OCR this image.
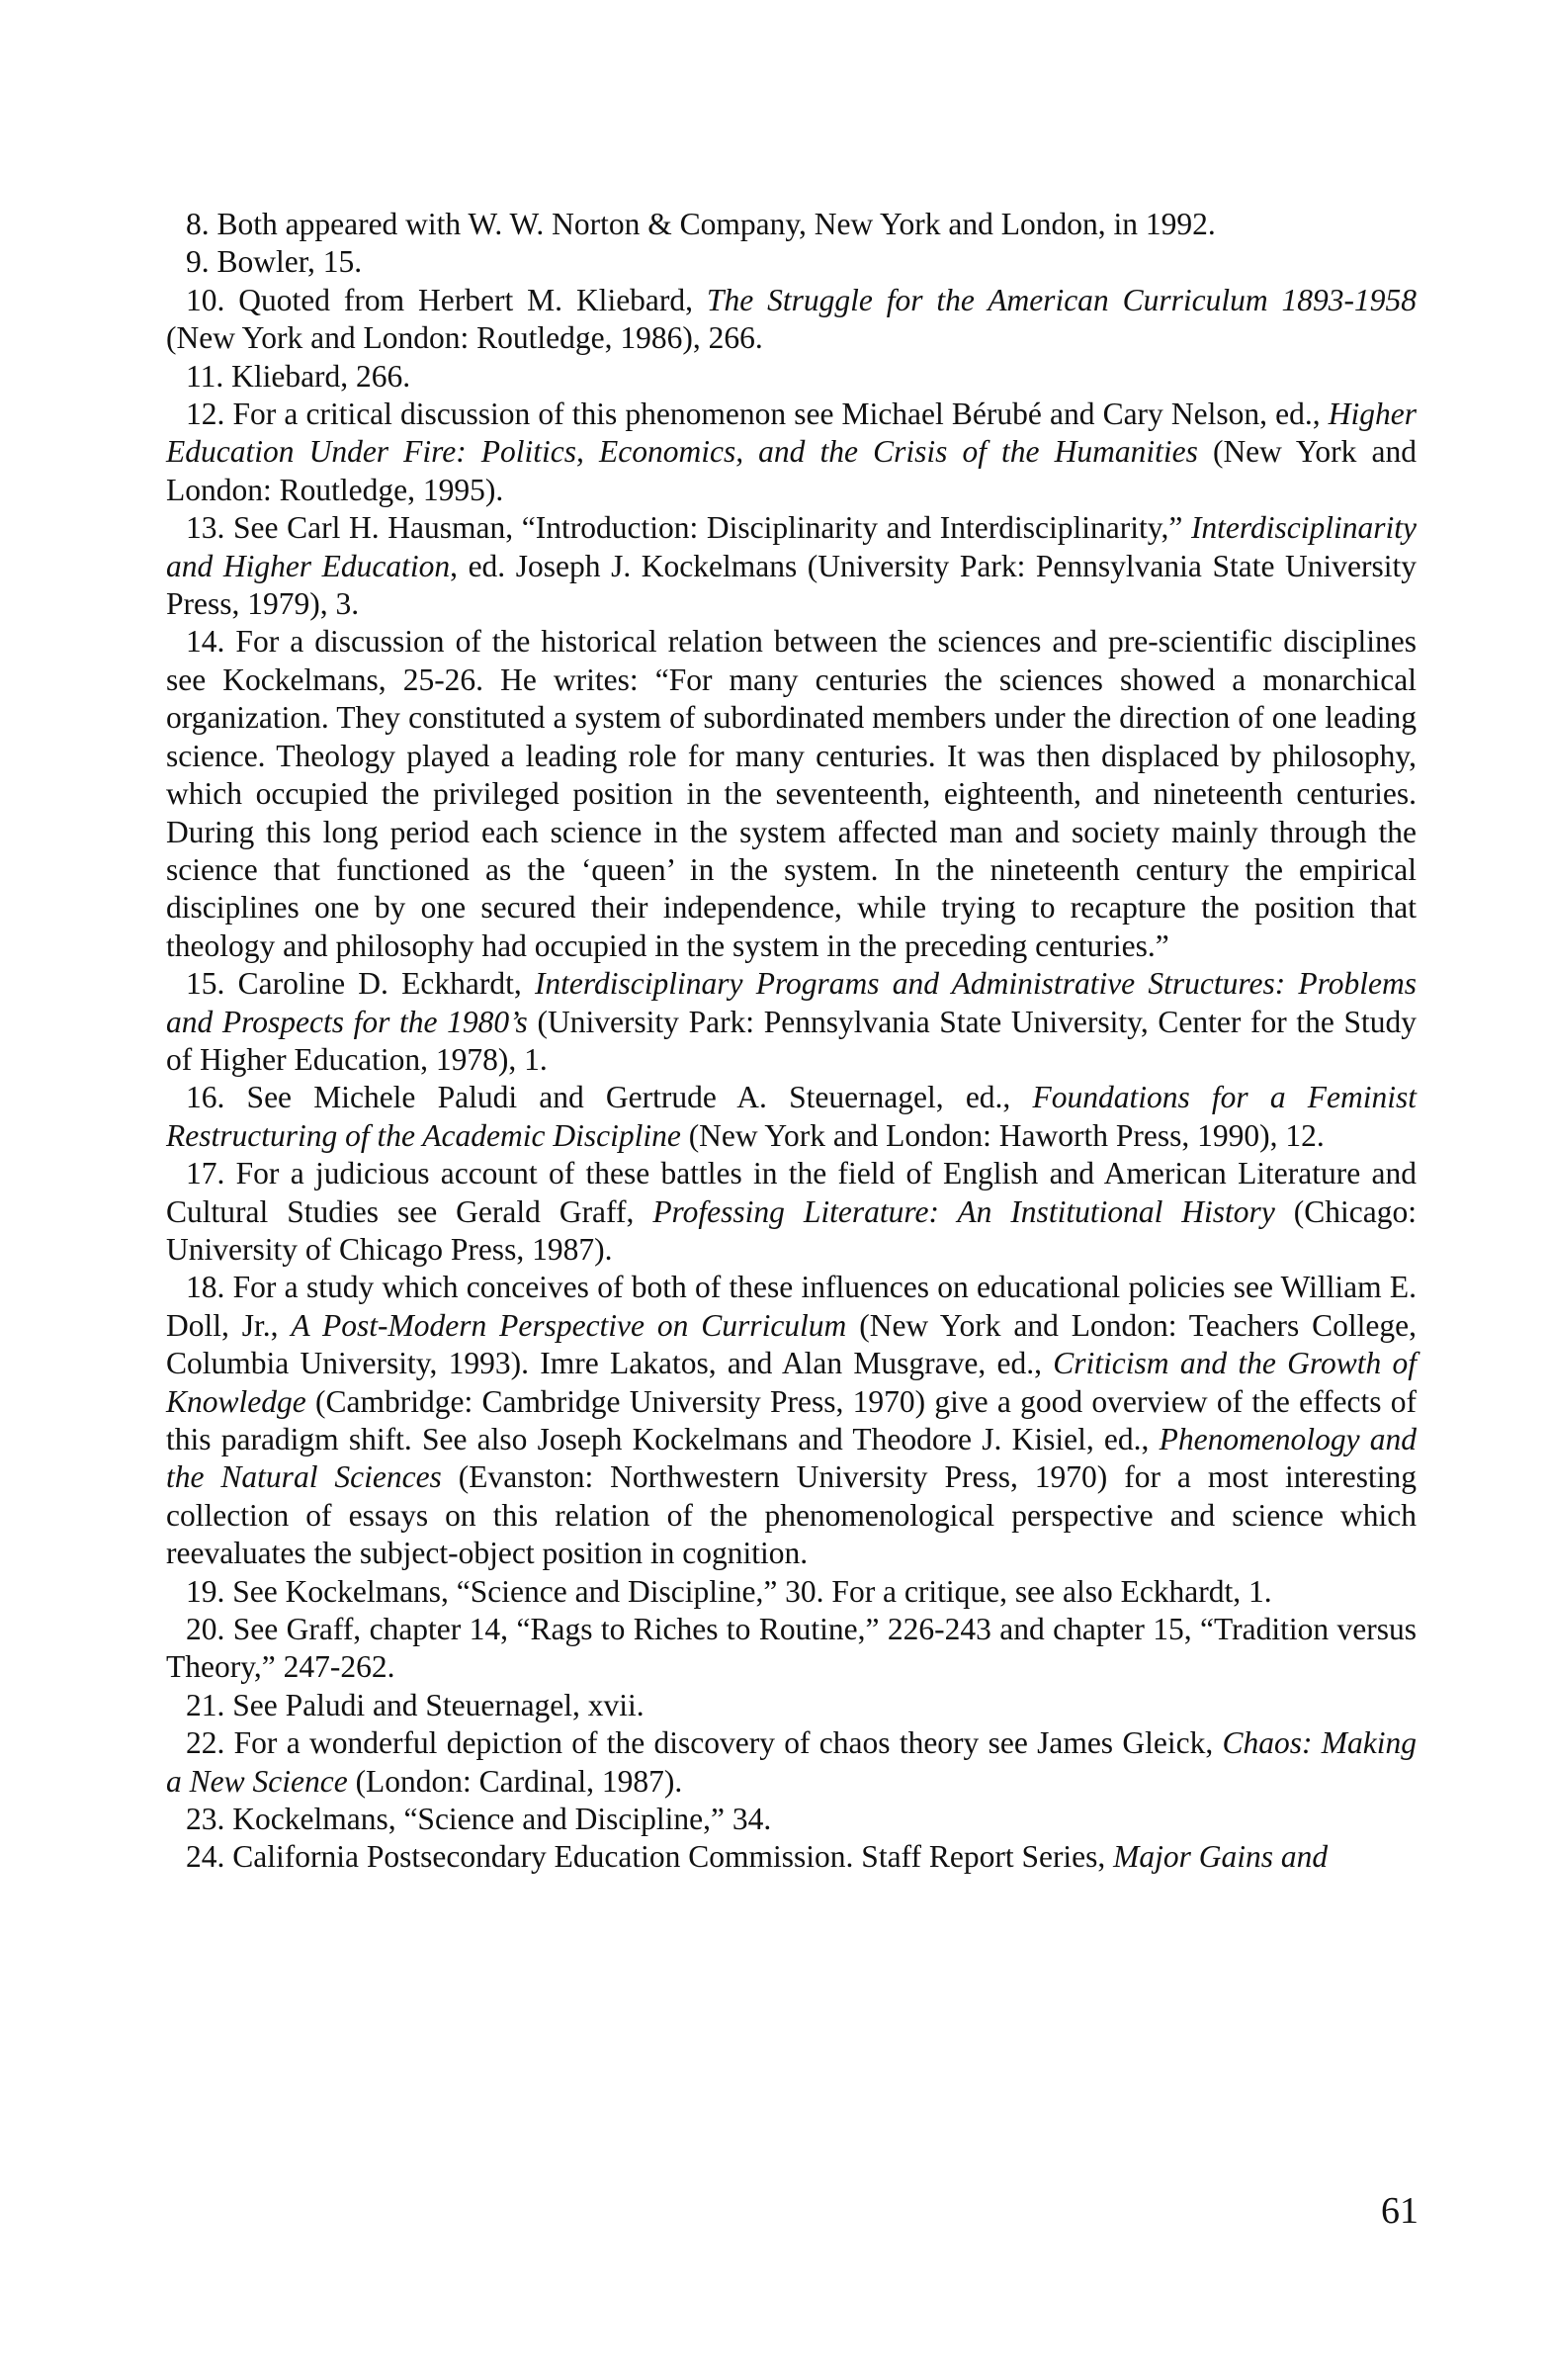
8. Both appeared with W. W. Norton & Company, New York and London, in 1992.

9. Bowler, 15.

10. Quoted from Herbert M. Kliebard, The Struggle for the American Curriculum 1893-1958 (New York and London: Routledge, 1986), 266.

11. Kliebard, 266.

12. For a critical discussion of this phenomenon see Michael Bérubé and Cary Nelson, ed., Higher Education Under Fire: Politics, Economics, and the Crisis of the Humanities (New York and London: Routledge, 1995).

13. See Carl H. Hausman, “Introduction: Disciplinarity and Interdisciplinarity,” Interdisciplinarity and Higher Education, ed. Joseph J. Kockelmans (University Park: Pennsylvania State University Press, 1979), 3.

14. For a discussion of the historical relation between the sciences and pre-scientific disciplines see Kockelmans, 25-26. He writes: “For many centuries the sciences showed a monarchical organization. They constituted a system of subordinated members under the direction of one leading science. Theology played a leading role for many centuries. It was then displaced by philosophy, which occupied the privileged position in the seventeenth, eighteenth, and nineteenth centuries. During this long period each science in the system affected man and society mainly through the science that functioned as the ‘queen’ in the system. In the nineteenth century the empirical disciplines one by one secured their independence, while trying to recapture the position that theology and philosophy had occupied in the system in the preceding centuries.”

15. Caroline D. Eckhardt, Interdisciplinary Programs and Administrative Structures: Problems and Prospects for the 1980’s (University Park: Pennsylvania State University, Center for the Study of Higher Education, 1978), 1.

16. See Michele Paludi and Gertrude A. Steuernagel, ed., Foundations for a Feminist Restructuring of the Academic Discipline (New York and London: Haworth Press, 1990), 12.

17. For a judicious account of these battles in the field of English and American Literature and Cultural Studies see Gerald Graff, Professing Literature: An Institutional History (Chicago: University of Chicago Press, 1987).

18. For a study which conceives of both of these influences on educational policies see William E. Doll, Jr., A Post-Modern Perspective on Curriculum (New York and London: Teachers College, Columbia University, 1993). Imre Lakatos, and Alan Musgrave, ed., Criticism and the Growth of Knowledge (Cambridge: Cambridge University Press, 1970) give a good overview of the effects of this paradigm shift. See also Joseph Kockelmans and Theodore J. Kisiel, ed., Phenomenology and the Natural Sciences (Evanston: Northwestern University Press, 1970) for a most interesting collection of essays on this relation of the phenomenological perspective and science which reevaluates the subject-object position in cognition.

19. See Kockelmans, “Science and Discipline,” 30. For a critique, see also Eckhardt, 1.

20. See Graff, chapter 14, “Rags to Riches to Routine,” 226-243 and chapter 15, “Tradition versus Theory,” 247-262.

21. See Paludi and Steuernagel, xvii.

22. For a wonderful depiction of the discovery of chaos theory see James Gleick, Chaos: Making a New Science (London: Cardinal, 1987).

23. Kockelmans, “Science and Discipline,” 34.

24. California Postsecondary Education Commission. Staff Report Series, Major Gains and

61
